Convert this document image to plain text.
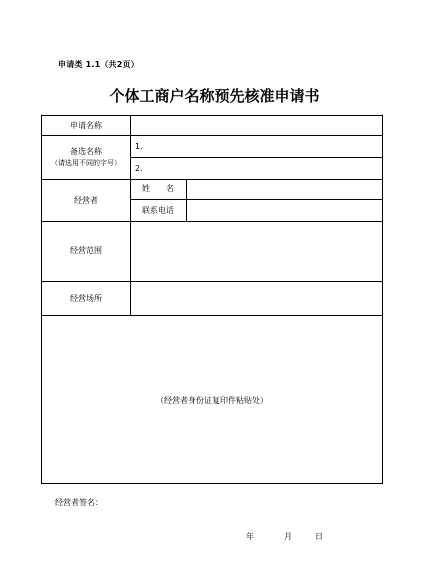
申请类 1.1（共2页）
个体工商户名称预先核准申请书
申请名称
备选名称
（请选用不同的字号）
1.
2.
经营者
姓　　名
联系电话
经营范围
经营场所
（经营者身份证复印件粘贴处）
经营者签名：
年	月	日
